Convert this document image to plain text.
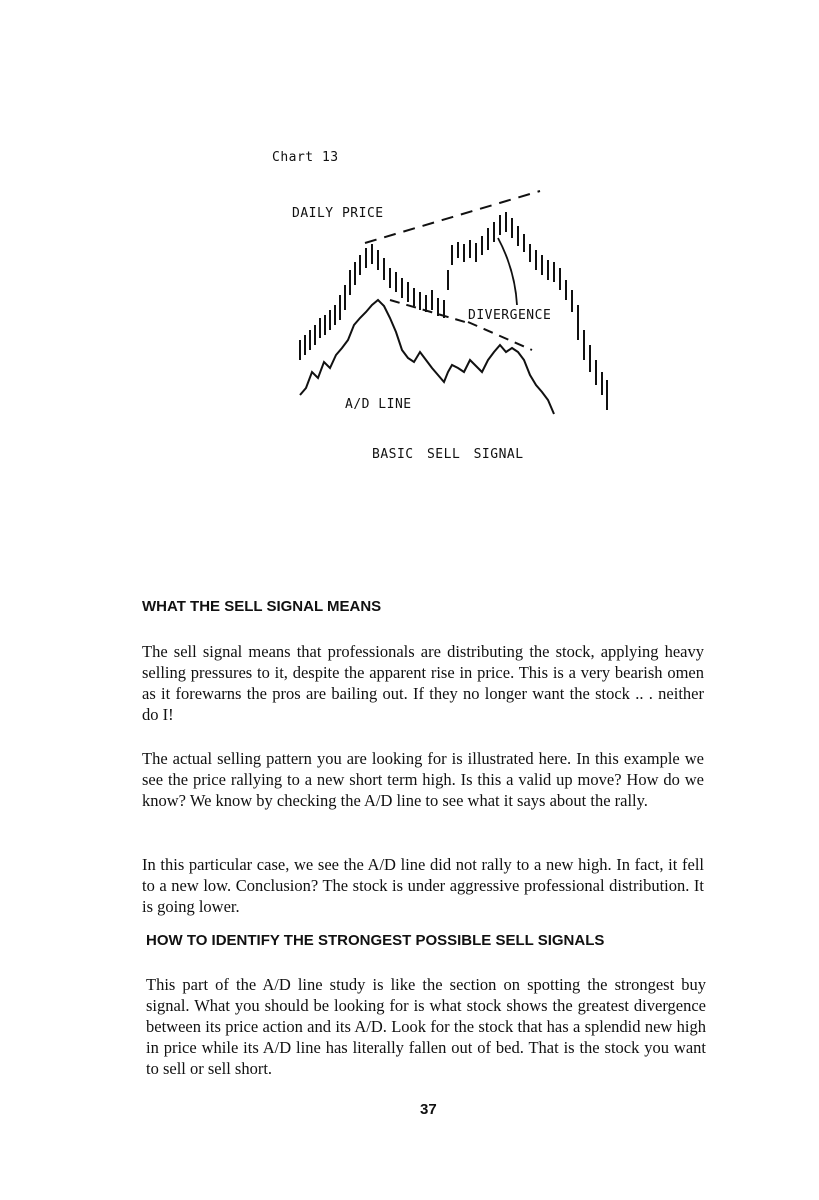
Chart 13
DAILY PRICE
DIVERGENCE
A/D LINE
BASIC SELL SIGNAL
WHAT THE SELL SIGNAL MEANS

The sell signal means that professionals are distributing the stock, applying heavy selling pressures to it, despite the apparent rise in price. This is a very bearish omen as it forewarns the pros are bailing out. If they no longer want the stock .. . neither do I!

The actual selling pattern you are looking for is illustrated here. In this example we see the price rallying to a new short term high. Is this a valid up move? How do we know? We know by checking the A/D line to see what it says about the rally.

In this particular case, we see the A/D line did not rally to a new high. In fact, it fell to a new low. Conclusion? The stock is under aggressive professional distribution. It is going lower.

HOW TO IDENTIFY THE STRONGEST POSSIBLE SELL SIGNALS

This part of the A/D line study is like the section on spotting the strongest buy signal. What you should be looking for is what stock shows the greatest divergence between its price action and its A/D. Look for the stock that has a splendid new high in price while its A/D line has literally fallen out of bed. That is the stock you want to sell or sell short.

37
